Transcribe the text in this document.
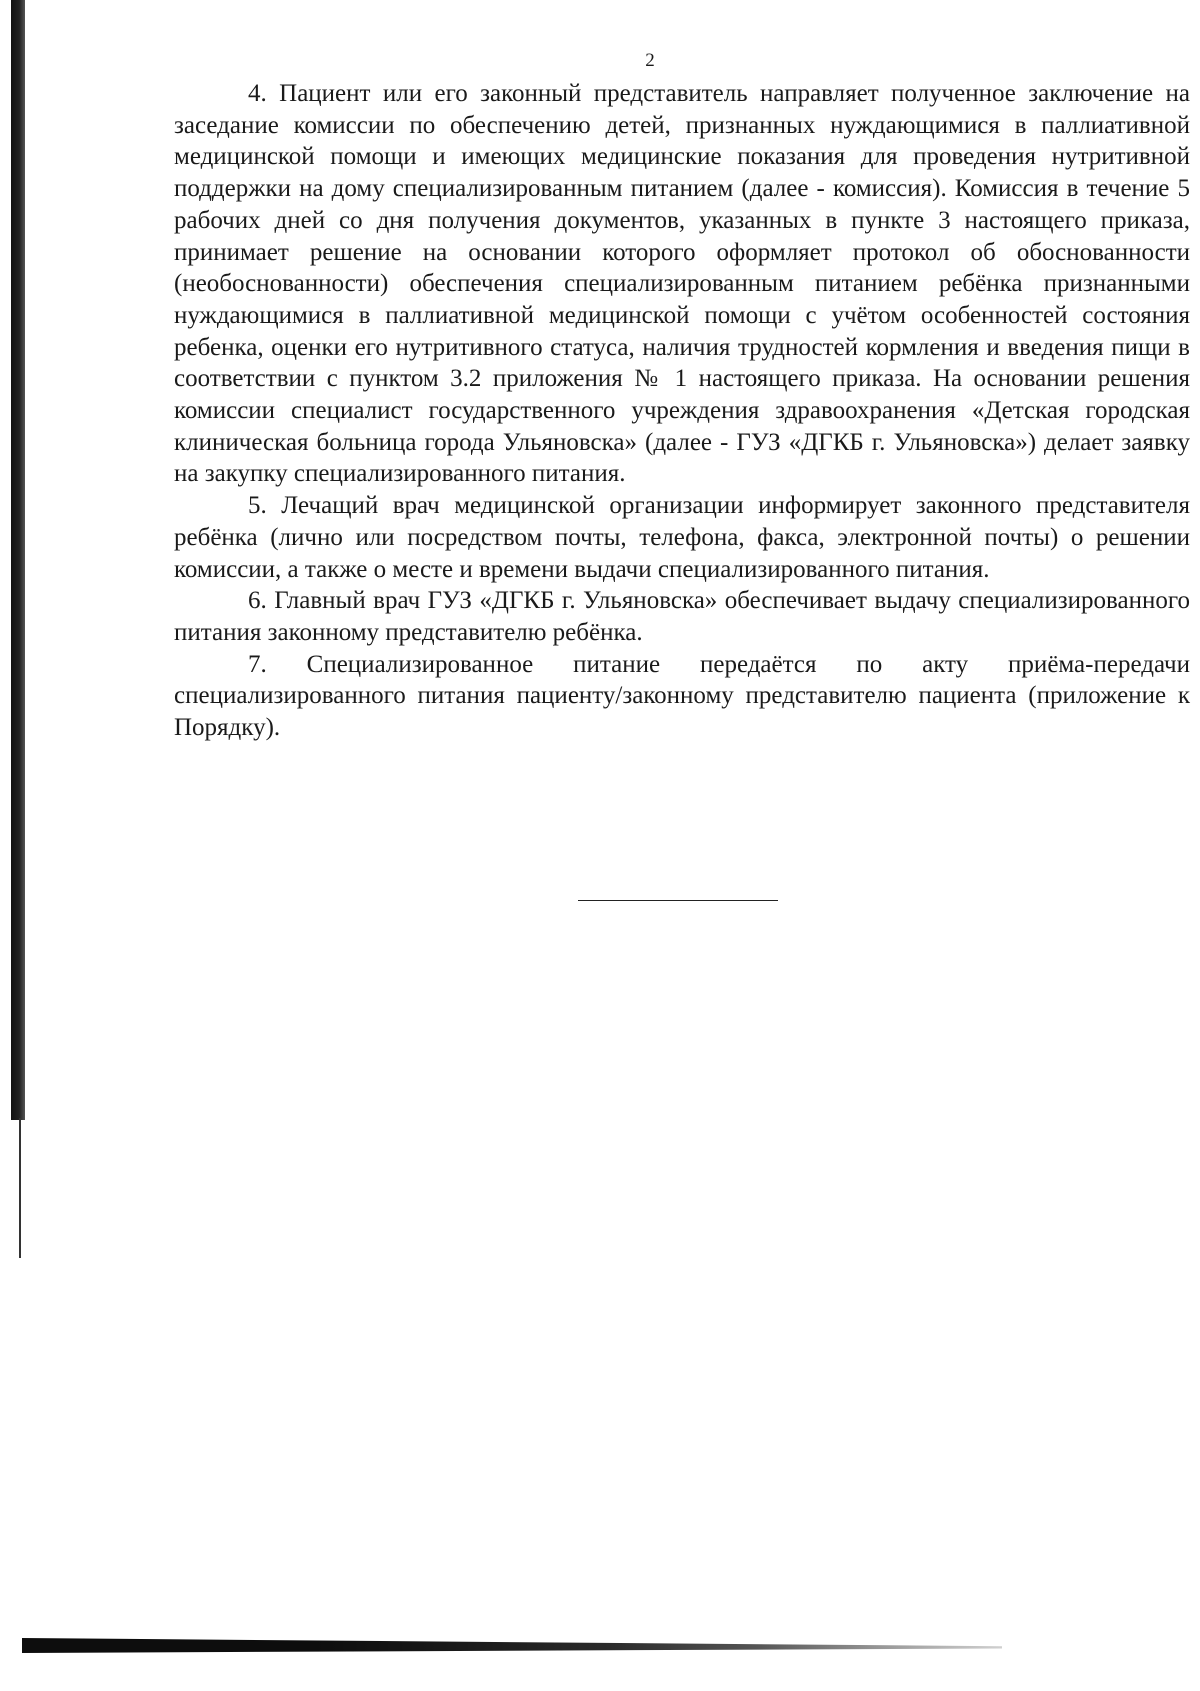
2

4. Пациент или его законный представитель направляет полученное заключение на заседание комиссии по обеспечению детей, признанных нуждающимися в паллиативной медицинской помощи и имеющих медицинские показания для проведения нутритивной поддержки на дому специализированным питанием (далее - комиссия). Комиссия в течение 5 рабочих дней со дня получения документов, указанных в пункте 3 настоящего приказа, принимает решение на основании которого оформляет протокол об обоснованности (необоснованности) обеспечения специализированным питанием ребёнка признанными нуждающимися в паллиативной медицинской помощи с учётом особенностей состояния ребенка, оценки его нутритивного статуса, наличия трудностей кормления и введения пищи в соответствии с пунктом 3.2 приложения № 1 настоящего приказа. На основании решения комиссии специалист государственного учреждения здравоохранения «Детская городская клиническая больница города Ульяновска» (далее - ГУЗ «ДГКБ г. Ульяновска») делает заявку на закупку специализированного питания.

5. Лечащий врач медицинской организации информирует законного представителя ребёнка (лично или посредством почты, телефона, факса, электронной почты) о решении комиссии, а также о месте и времени выдачи специализированного питания.

6. Главный врач ГУЗ «ДГКБ г. Ульяновска» обеспечивает выдачу специализированного питания законному представителю ребёнка.

7. Специализированное питание передаётся по акту приёма-передачи специализированного питания пациенту/законному представителю пациента (приложение к Порядку).
